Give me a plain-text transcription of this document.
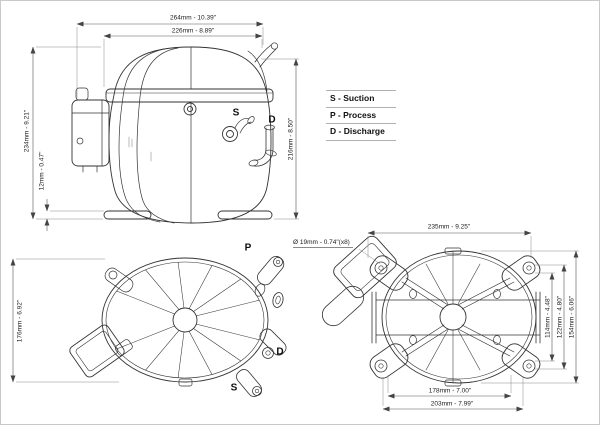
264mm - 10.39"
226mm - 8.89"
234mm - 9.21"
12mm - 0.47"
216mm - 8.50"
S
D
176mm - 6.92"
P
D
S
235mm - 9.25"
178mm - 7.00"
203mm - 7.99"
114mm - 4.48" 122mm - 4.80" 154mm - 6.06"
Ø 19mm - 0.74"(x8)
S - Suction
P - Process
D - Discharge
